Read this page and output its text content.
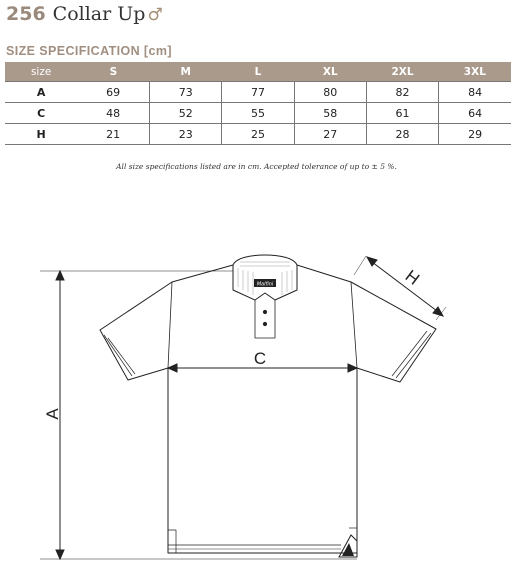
256 Collar Up ♂
SIZE SPECIFICATION [cm]
size	S	M	L	XL	2XL	3XL
A	69	73	77	80	82	84
C	48	52	55	58	61	64
H	21	23	25	27	28	29
All size specifications listed are in cm. Accepted tolerance of up to ± 5 %.
Malfini
A
C
H
